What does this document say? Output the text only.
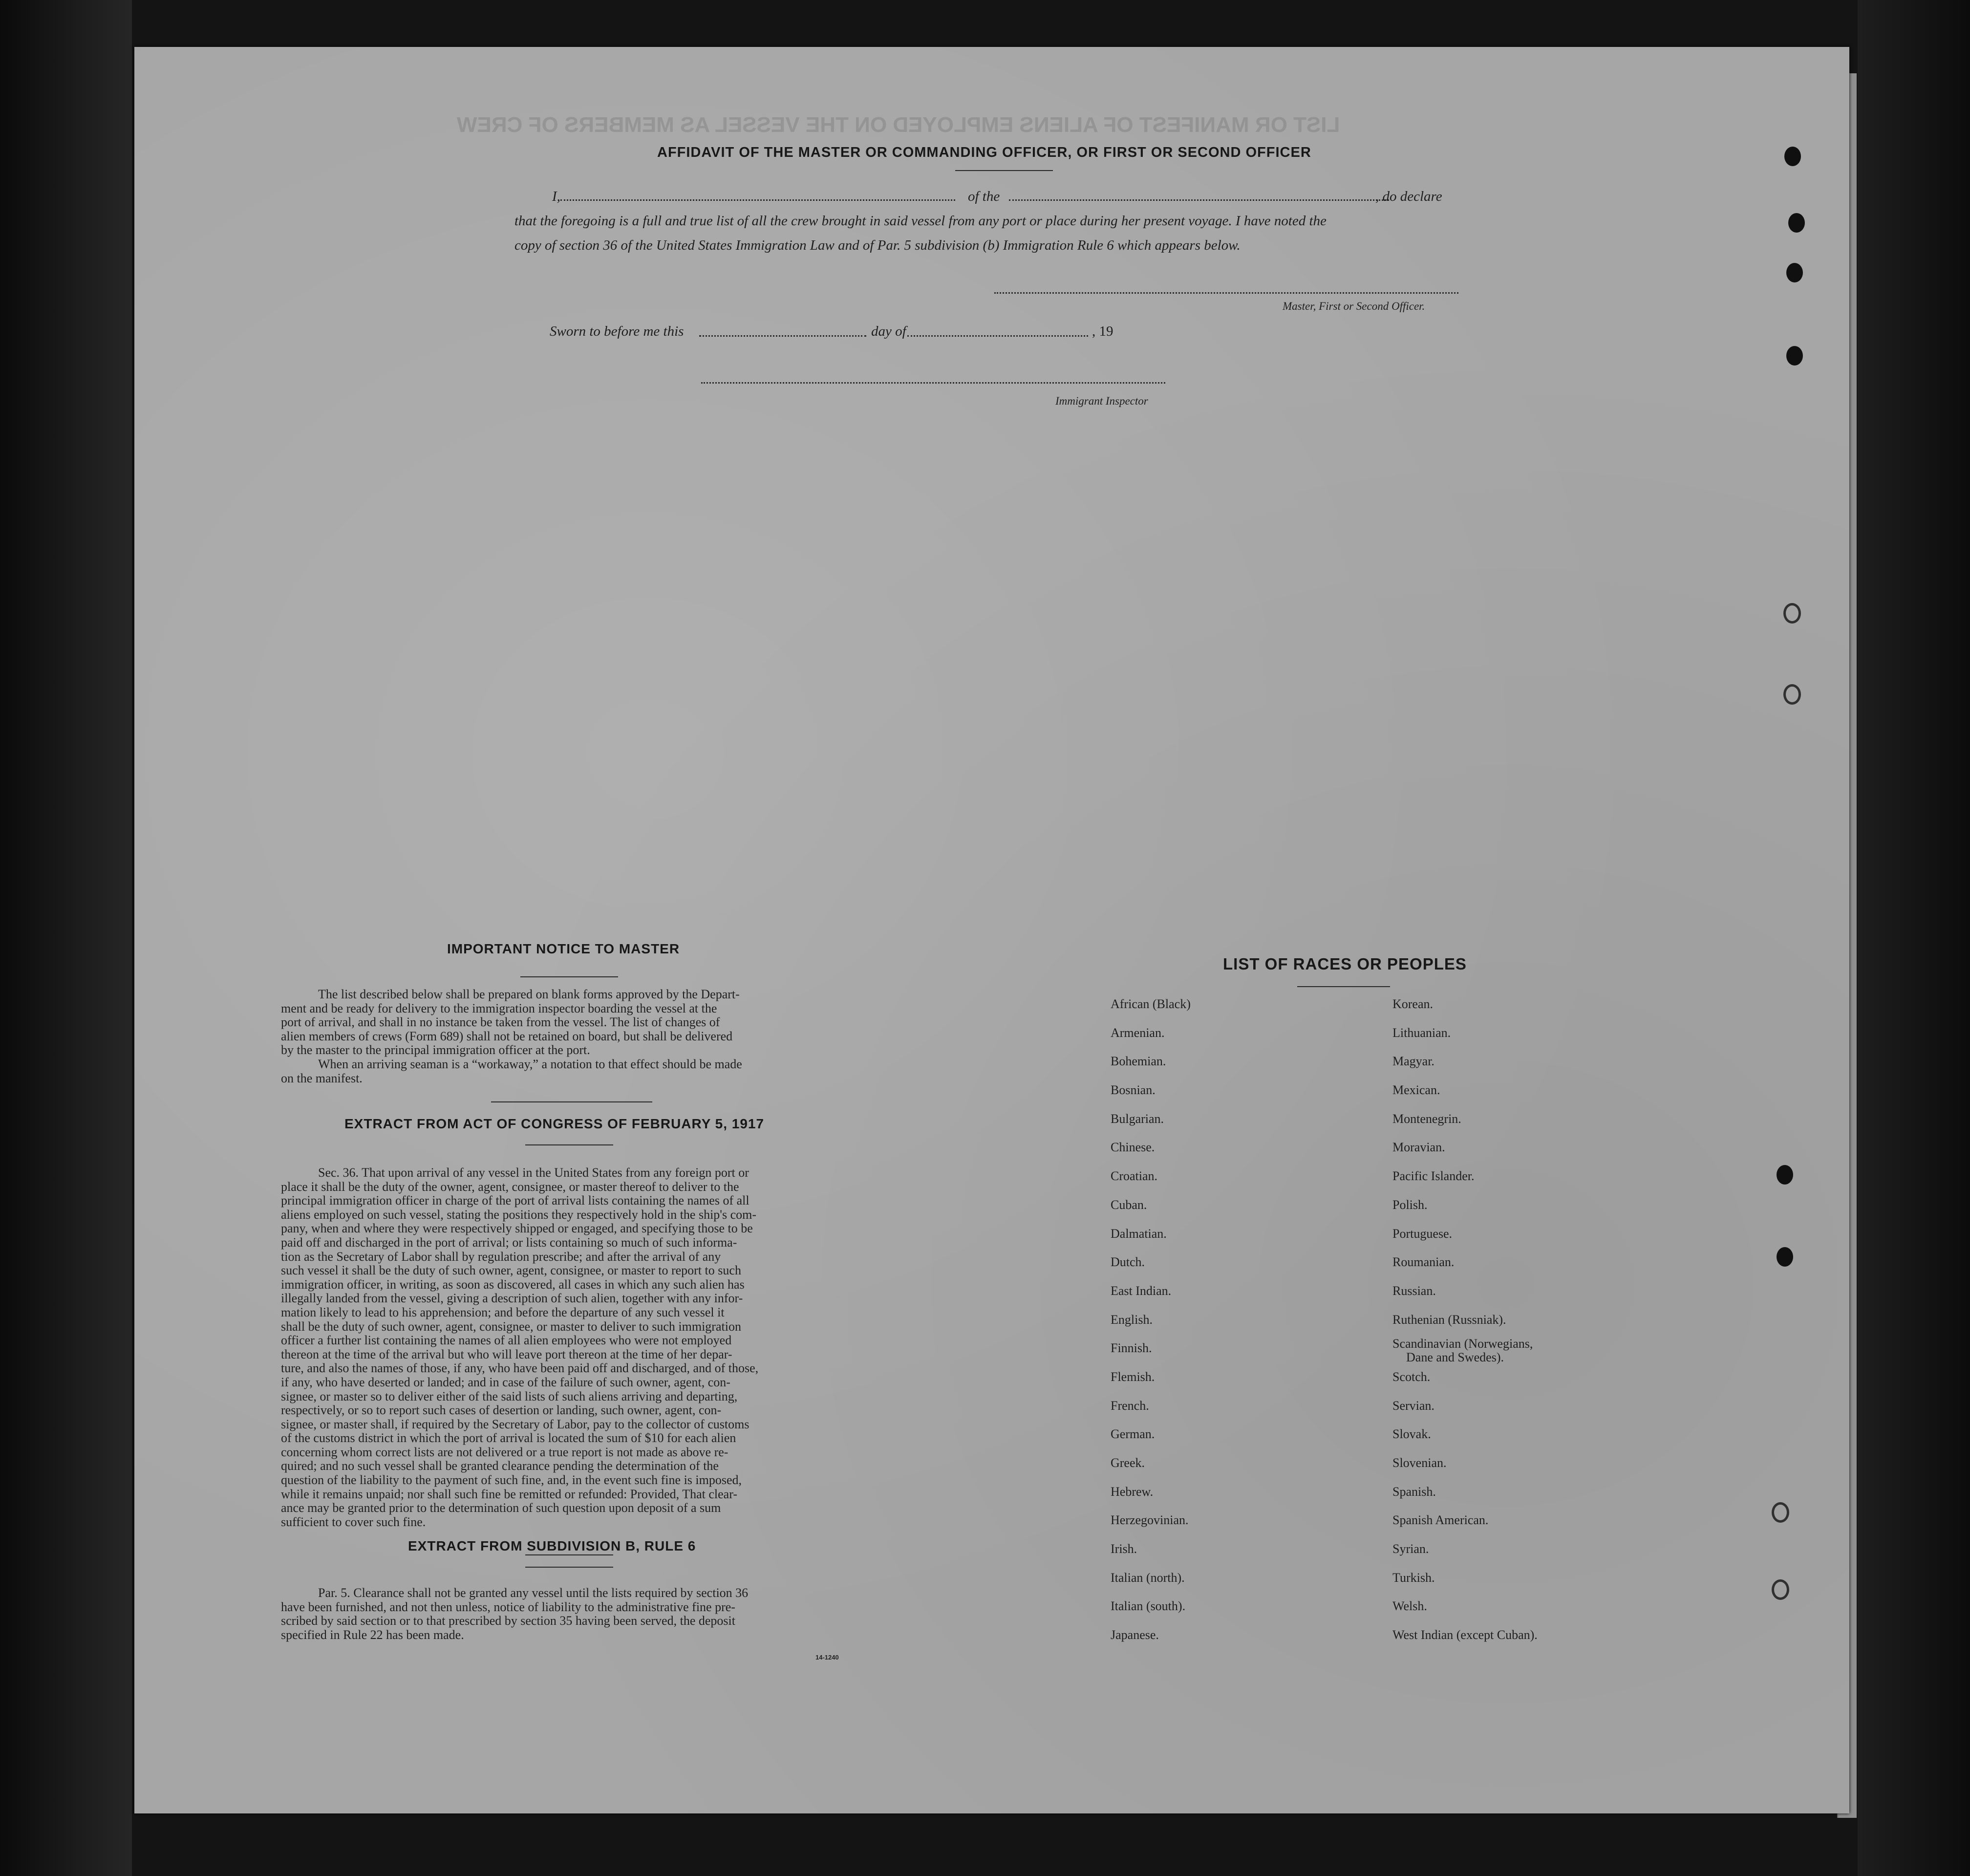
LIST OR MANIFEST OF ALIENS EMPLOYED ON THE VESSEL AS MEMBERS OF CREW
AFFIDAVIT OF THE MASTER OR COMMANDING OFFICER, OR FIRST OR SECOND OFFICER
I,	of the	, do declare
that the foregoing is a full and true list of all the crew brought in said vessel from any port or place during her present voyage. I have noted the
copy of section 36 of the United States Immigration Law and of Par. 5 subdivision (b) Immigration Rule 6 which appears below.
Master, First or Second Officer.
Sworn to before me this	day of	, 19
Immigrant Inspector
IMPORTANT NOTICE TO MASTER
The list described below shall be prepared on blank forms approved by the Depart-
ment and be ready for delivery to the immigration inspector boarding the vessel at the
port of arrival, and shall in no instance be taken from the vessel. The list of changes of
alien members of crews (Form 689) shall not be retained on board, but shall be delivered
by the master to the principal immigration officer at the port.
When an arriving seaman is a “workaway,” a notation to that effect should be made
on the manifest.
EXTRACT FROM ACT OF CONGRESS OF FEBRUARY 5, 1917
Sec. 36. That upon arrival of any vessel in the United States from any foreign port or
place it shall be the duty of the owner, agent, consignee, or master thereof to deliver to the
principal immigration officer in charge of the port of arrival lists containing the names of all
aliens employed on such vessel, stating the positions they respectively hold in the ship's com-
pany, when and where they were respectively shipped or engaged, and specifying those to be
paid off and discharged in the port of arrival; or lists containing so much of such informa-
tion as the Secretary of Labor shall by regulation prescribe; and after the arrival of any
such vessel it shall be the duty of such owner, agent, consignee, or master to report to such
immigration officer, in writing, as soon as discovered, all cases in which any such alien has
illegally landed from the vessel, giving a description of such alien, together with any infor-
mation likely to lead to his apprehension; and before the departure of any such vessel it
shall be the duty of such owner, agent, consignee, or master to deliver to such immigration
officer a further list containing the names of all alien employees who were not employed
thereon at the time of the arrival but who will leave port thereon at the time of her depar-
ture, and also the names of those, if any, who have been paid off and discharged, and of those,
if any, who have deserted or landed; and in case of the failure of such owner, agent, con-
signee, or master so to deliver either of the said lists of such aliens arriving and departing,
respectively, or so to report such cases of desertion or landing, such owner, agent, con-
signee, or master shall, if required by the Secretary of Labor, pay to the collector of customs
of the customs district in which the port of arrival is located the sum of $10 for each alien
concerning whom correct lists are not delivered or a true report is not made as above re-
quired; and no such vessel shall be granted clearance pending the determination of the
question of the liability to the payment of such fine, and, in the event such fine is imposed,
while it remains unpaid; nor shall such fine be remitted or refunded: Provided, That clear-
ance may be granted prior to the determination of such question upon deposit of a sum
sufficient to cover such fine.
EXTRACT FROM SUBDIVISION B, RULE 6
Par. 5. Clearance shall not be granted any vessel until the lists required by section 36
have been furnished, and not then unless, notice of liability to the administrative fine pre-
scribed by said section or to that prescribed by section 35 having been served, the deposit
specified in Rule 22 has been made.
14-1240
LIST OF RACES OR PEOPLES
African (Black)
Armenian.
Bohemian.
Bosnian.
Bulgarian.
Chinese.
Croatian.
Cuban.
Dalmatian.
Dutch.
East Indian.
English.
Finnish.
Flemish.
French.
German.
Greek.
Hebrew.
Herzegovinian.
Irish.
Italian (north).
Italian (south).
Japanese.
Korean.
Lithuanian.
Magyar.
Mexican.
Montenegrin.
Moravian.
Pacific Islander.
Polish.
Portuguese.
Roumanian.
Russian.
Ruthenian (Russniak).
Scandinavian (Norwegians,
Dane and Swedes).
Scotch.
Servian.
Slovak.
Slovenian.
Spanish.
Spanish American.
Syrian.
Turkish.
Welsh.
West Indian (except Cuban).
